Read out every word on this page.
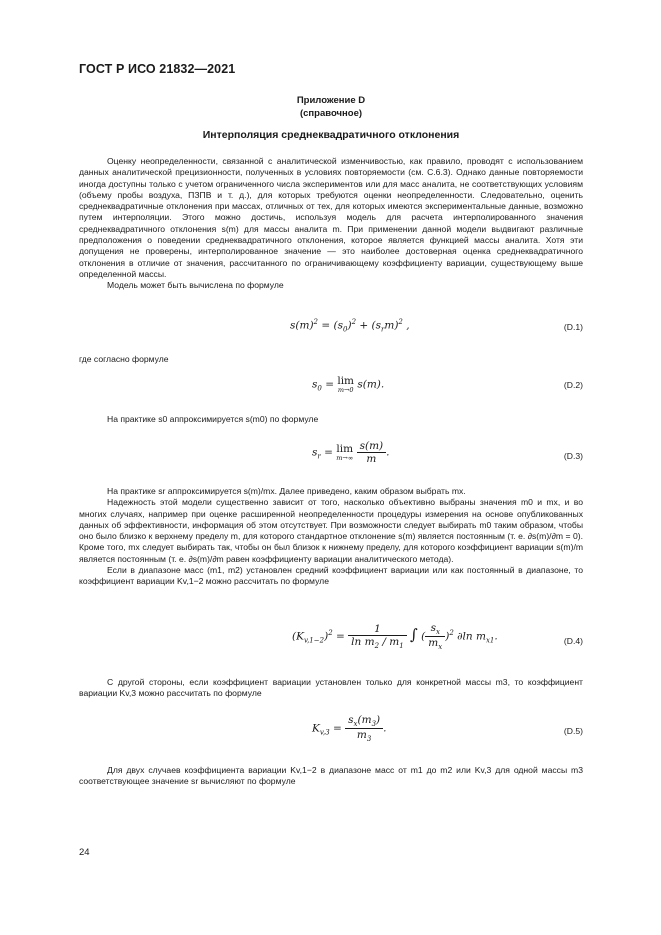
ГОСТ Р ИСО 21832—2021
Приложение D
(справочное)
Интерполяция среднеквадратичного отклонения

Оценку неопределенности, связанной с аналитической изменчивостью, как правило, проводят с использованием данных аналитической прецизионности, полученных в условиях повторяемости (см. С.6.3). Однако данные повторяемости иногда доступны только с учетом ограниченного числа экспериментов или для масс аналита, не соответствующих условиям (объему пробы воздуха, ПЗПВ и т. д.), для которых требуются оценки неопределенности. Следовательно, оценить среднеквадратичные отклонения при массах, отличных от тех, для которых имеются экспериментальные данные, возможно путем интерполяции. Этого можно достичь, используя модель для расчета интерполированного значения среднеквадратичного отклонения s(m) для массы аналита m. При применении данной модели выдвигают различные предположения о поведении среднеквадратичного отклонения, которое является функцией массы аналита. Хотя эти допущения не проверены, интерполированное значение — это наиболее достоверная оценка среднеквадратичного отклонения в отличие от значения, рассчитанного по ограничивающему коэффициенту вариации, существующему выше определенной массы.

Модель может быть вычислена по формуле

$s(m)^2 = (s_0)^2 + (s_rm)^2$ ,	(D.1)
где согласно формуле
$s_0 = \lim$
m→0 s(m).	(D.2)

На практике s0 аппроксимируется s(m0) по формуле

$s_r = \lim$
m→∞
$\frac{s(m)}{m}$ .	(D.3)

На практике sr аппроксимируется s(m)/mx. Далее приведено, каким образом выбрать mx.

Надежность этой модели существенно зависит от того, насколько объективно выбраны значения m0 и mx, и во многих случаях, например при оценке расширенной неопределенности процедуры измерения на основе опубликованных данных об эффективности, информация об этом отсутствует. При возможности следует выбирать m0 таким образом, чтобы оно было близко к верхнему пределу m, для которого стандартное отклонение s(m) является постоянным (т. е. ∂s(m)/∂m = 0). Кроме того, mx следует выбирать так, чтобы он был близок к нижнему пределу, для которого коэффициент вариации s(m)/m является постоянным (т. е. ∂s(m)/∂m равен коэффициенту вариации аналитического метода).

Если в диапазоне масс (m1, m2) установлен средний коэффициент вариации или как постоянный в диапазоне, то коэффициент вариации Kv,1−2 можно рассчитать по формуле

$(K_{v,1-2})^2 = \frac{1}{\ln m_2 / m_1}$ ∫ ( $\frac{s_x}{m_x} )^2$ ∂ln $m_{x1}$.	(D.4)

С другой стороны, если коэффициент вариации установлен только для конкретной массы m3, то коэффициент вариации Kv,3 можно рассчитать по формуле

$K_{v,3} = \frac{s_x(m_3)}{m_3}$ .	(D.5)

Для двух случаев коэффициента вариации Kv,1−2 в диапазоне масс от m1 до m2 или Kv,3 для одной массы m3 соответствующее значение sr вычисляют по формуле

24
